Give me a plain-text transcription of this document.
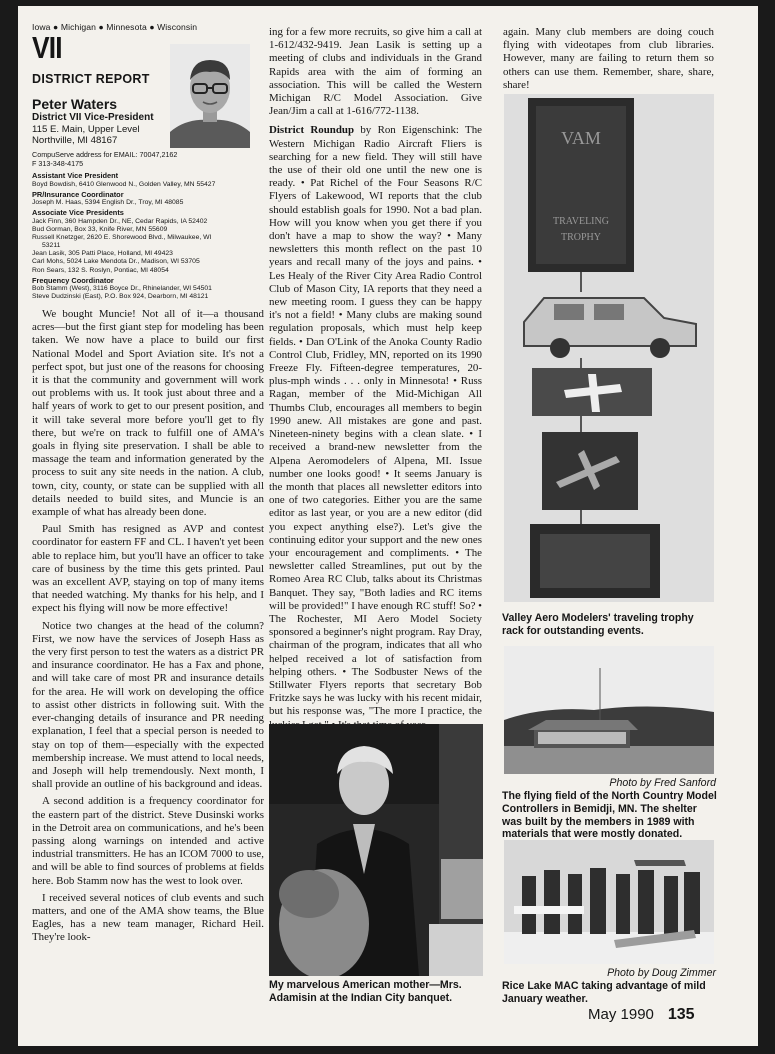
Iowa ● Michigan ● Minnesota ● Wisconsin
VII
DISTRICT REPORT
Peter Waters
District VII Vice-President
115 E. Main, Upper Level
Northville, MI 48167
CompuServe address for EMAIL: 70047,2162
F 313-348-4175
Assistant Vice President
Boyd Bowdish, 6410 Glenwood N., Golden Valley, MN 55427
PR/Insurance Coordinator
Joseph M. Haas, 5394 English Dr., Troy, MI 48085
Associate Vice Presidents
Jack Finn, 360 Hampden Dr., NE, Cedar Rapids, IA 52402
Bud Gorman, Box 33, Knife River, MN 55609
Russell Knetzger, 2620 E. Shorewood Blvd., Milwaukee, WI
53211
Jean Lasik, 305 Patti Place, Holland, MI 49423
Carl Mohs, 5024 Lake Mendota Dr., Madison, WI 53705
Ron Sears, 132 S. Roslyn, Pontiac, MI 48054
Frequency Coordinator
Bob Stamm (West), 3116 Boyce Dr., Rhinelander, WI 54501
Steve Dudzinski (East), P.O. Box 924, Dearborn, MI 48121

We bought Muncie! Not all of it—a thousand acres—but the first giant step for modeling has been taken. We now have a place to build our first National Model and Sport Aviation site. It's not a perfect spot, but just one of the reasons for choosing it is that the community and government will work out problems with us. It took just about three and a half years of work to get to our present position, and it will take several more before you'll get to fly there, but we're on track to fulfill one of AMA's goals in flying site preservation. I shall be able to massage the team and information generated by the process to suit any site needs in the nation. A club, town, city, county, or state can be supplied with all details needed to build sites, and Muncie is an example of what has already been done.

Paul Smith has resigned as AVP and contest coordinator for eastern FF and CL. I haven't yet been able to replace him, but you'll have an officer to take care of business by the time this gets printed. Paul was an excellent AVP, staying on top of many items that needed watching. My thanks for his help, and I expect his flying will now be more effective!

Notice two changes at the head of the column? First, we now have the services of Joseph Hass as the very first person to test the waters as a district PR and insurance coordinator. He has a Fax and phone, and will take care of most PR and insurance details for the area. He will work on developing the office to assist other districts in following suit. With the ever-changing details of insurance and PR needing explanation, I feel that a special person is needed to stay on top of them—especially with the expected membership increase. We must attend to local needs, and Joseph will help tremendously. Next month, I shall provide an outline of his background and ideas.

A second addition is a frequency coordinator for the eastern part of the district. Steve Dusinski works in the Detroit area on communications, and he's been passing along warnings on intended and active industrial transmitters. He has an ICOM 7000 to use, and will be able to find sources of problems at fields here. Bob Stamm now has the west to look over.

I received several notices of club events and such matters, and one of the AMA show teams, the Blue Eagles, has a new team manager, Richard Heil. They're look-

ing for a few more recruits, so give him a call at 1-612/432-9419. Jean Lasik is setting up a meeting of clubs and individuals in the Grand Rapids area with the aim of forming an association. This will be called the Western Michigan R/C Model Association. Give Jean/Jim a call at 1-616/772-1138.

District Roundup by Ron Eigenschink: The Western Michigan Radio Aircraft Fliers is searching for a new field. They will still have the use of their old one until the new one is ready. • Pat Richel of the Four Seasons R/C Flyers of Lakewood, WI reports that the club should establish goals for 1990. Not a bad plan. How will you know when you get there if you don't have a map to show the way? • Many newsletters this month reflect on the past 10 years and recall many of the joys and pains. • Les Healy of the River City Area Radio Control Club of Mason City, IA reports that they need a new meeting room. I guess they can be happy it's not a field! • Many clubs are making sound regulation proposals, which must help keep fields. • Dan O'Link of the Anoka County Radio Control Club, Fridley, MN, reported on its 1990 Freeze Fly. Fifteen-degree temperatures, 20-plus-mph winds . . . only in Minnesota! • Russ Ragan, member of the Mid-Michigan All Thumbs Club, encourages all members to begin 1990 anew. All mistakes are gone and past. Nineteen-ninety begins with a clean slate. • I received a brand-new newsletter from the Alpena Aeromodelers of Alpena, MI. Issue number one looks good! • It seems January is the month that places all newsletter editors into one of two categories. Either you are the same editor as last year, or you are a new editor (did you expect anything else?). Let's give the continuing editor your support and the new ones your encouragement and compliments. • The newsletter called Streamlines, put out by the Romeo Area RC Club, talks about its Christmas Banquet. They say, "Both ladies and RC items will be provided!" I have enough RC stuff! So? • The Rochester, MI Aero Model Society sponsored a beginner's night program. Ray Dray, chairman of the program, indicates that all who helped received a lot of satisfaction from helping others. • The Sodbuster News of the Stillwater Flyers reports that secretary Bob Fritzke says he was lucky with his recent midair, but his response was, "The more I practice, the

again. Many club members are doing couch flying with videotapes from club libraries. However, many are failing to return them so others can use them. Remember, share, share, share!

My marvelous American mother—Mrs. Adamisin at the Indian City banquet.
VAM
TRAVELING
TROPHY
Valley Aero Modelers' traveling trophy rack for outstanding events.
Photo by Fred Sanford
The flying field of the North Country Model Controllers in Bemidji, MN. The shelter was built by the members in 1989 with materials that were mostly donated.
Photo by Doug Zimmer
Rice Lake MAC taking advantage of mild January weather.
May 1990 135
